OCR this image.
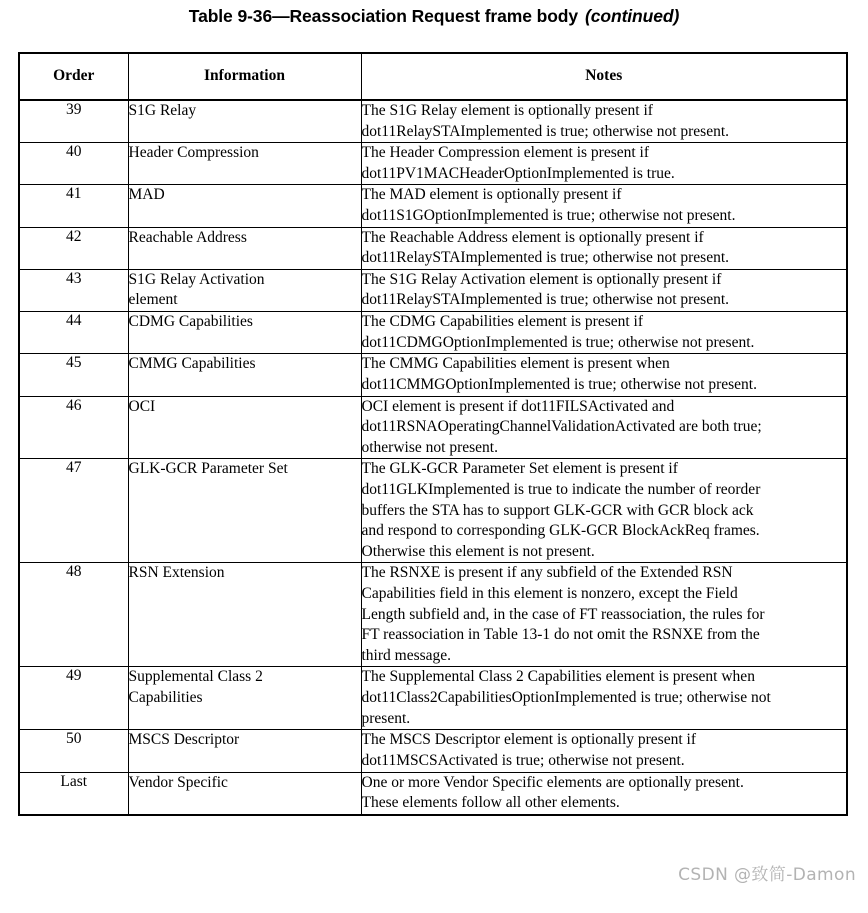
Table 9-36—Reassociation Request frame body (continued)
Order	Information	Notes
39	S1G Relay	The S1G Relay element is optionally present if
dot11RelaySTAImplemented is true; otherwise not present.

40	Header Compression	The Header Compression element is present if
dot11PV1MACHeaderOptionImplemented is true.

41	MAD	The MAD element is optionally present if
dot11S1GOptionImplemented is true; otherwise not present.

42	Reachable Address	The Reachable Address element is optionally present if
dot11RelaySTAImplemented is true; otherwise not present.

43	S1G Relay Activation
element	The S1G Relay Activation element is optionally present if
dot11RelaySTAImplemented is true; otherwise not present.

44	CDMG Capabilities	The CDMG Capabilities element is present if
dot11CDMGOptionImplemented is true; otherwise not present.

45	CMMG Capabilities	The CMMG Capabilities element is present when
dot11CMMGOptionImplemented is true; otherwise not present.

46	OCI	OCI element is present if dot11FILSActivated and
dot11RSNAOperatingChannelValidationActivated are both true;
otherwise not present.

47	GLK-GCR Parameter Set	The GLK-GCR Parameter Set element is present if
dot11GLKImplemented is true to indicate the number of reorder
buffers the STA has to support GLK-GCR with GCR block ack
and respond to corresponding GLK-GCR BlockAckReq frames.
Otherwise this element is not present.

48	RSN Extension	The RSNXE is present if any subfield of the Extended RSN
Capabilities field in this element is nonzero, except the Field
Length subfield and, in the case of FT reassociation, the rules for
FT reassociation in Table 13-1 do not omit the RSNXE from the
third message.

49	Supplemental Class 2
Capabilities	The Supplemental Class 2 Capabilities element is present when
dot11Class2CapabilitiesOptionImplemented is true; otherwise not
present.

50	MSCS Descriptor	The MSCS Descriptor element is optionally present if
dot11MSCSActivated is true; otherwise not present.

Last	Vendor Specific	One or more Vendor Specific elements are optionally present.
These elements follow all other elements.
CSDN @致简-Damon
